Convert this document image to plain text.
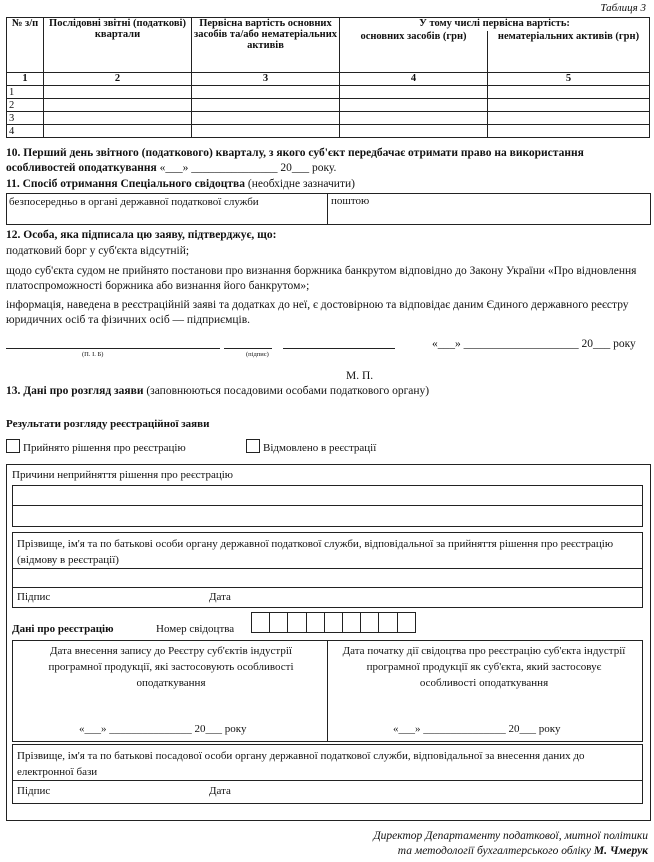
Таблиця 3
№ з/п	Послідовні звітні (податкові) квартали	Первісна вартість основних засобів та/або нематеріальних активів	У тому числі первісна вартість:	
			основних засобів (грн)	нематеріальних активів (грн)
1	2	3	4	5
1				
2				
3				
4				
10. Перший день звітного (податкового) кварталу, з якого суб'єкт передбачає отримати право на використання особливостей оподаткування «___» _______________ 20___ року.
11. Спосіб отримання Спеціального свідоцтва (необхідне зазначити)
безпосередньо в органі державної податкової служби	поштою
12. Особа, яка підписала цю заяву, підтверджує, що:
податковий борг у суб'єкта відсутній;
щодо суб'єкта судом не прийнято постанови про визнання боржника банкрутом відповідно до Закону України «Про відновлення платоспроможності боржника або визнання його банкрутом»;
інформація, наведена в реєстраційній заяві та додатках до неї, є достовірною та відповідає даним Єдиного державного реєстру юридичних осіб та фізичних осіб — підприємців.
(П. І. Б)	(підпис)
«___» ____________________ 20___ року
М. П.
13. Дані про розгляд заяви (заповнюються посадовими особами податкового органу)
Результати розгляду реєстраційної заяви
Прийнято рішення про реєстрацію	Відмовлено в реєстрації
Причини неприйняття рішення про реєстрацію
Прізвище, ім'я та по батькові особи органу державної податкової служби, відповідальної за прийняття рішення про реєстрацію (відмову в реєстрації)
Підпис	Дата
Дані про реєстрацію	Номер свідоцтва
Дата внесення запису до Реєстру суб'єктів індустрії програмної продукції, які застосовують особливості оподаткування
Дата початку дії свідоцтва про реєстрацію суб'єкта індустрії програмної продукції як суб'єкта, який застосовує особливості оподаткування
«___» _______________ 20___ року	«___» _______________ 20___ року
Прізвище, ім'я та по батькові посадової особи органу державної податкової служби, відповідальної за внесення даних до електронної бази
Підпис	Дата
Директор Департаменту податкової, митної політики
та методології бухгалтерського обліку М. Чмерук
